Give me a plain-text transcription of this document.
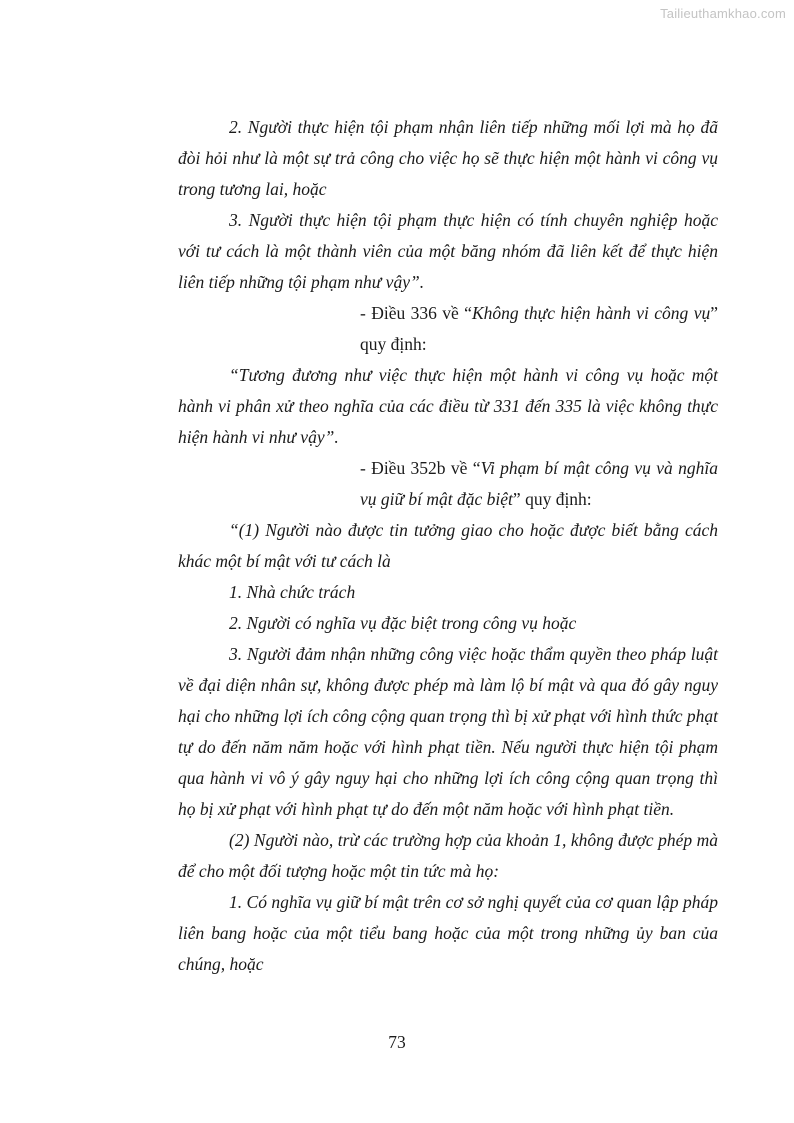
Tailieuthamkhao.com

2. Người thực hiện tội phạm nhận liên tiếp những mối lợi mà họ đã đòi hỏi như là một sự trả công cho việc họ sẽ thực hiện một hành vi công vụ trong tương lai, hoặc

3. Người thực hiện tội phạm thực hiện có tính chuyên nghiệp hoặc với tư cách là một thành viên của một băng nhóm đã liên kết để thực hiện liên tiếp những tội phạm như vậy”.

- Điều 336 về “Không thực hiện hành vi công vụ” quy định:

“Tương đương như việc thực hiện một hành vi công vụ hoặc một hành vi phân xử theo nghĩa của các điều từ 331 đến 335 là việc không thực hiện hành vi như vậy”.

- Điều 352b về “Vi phạm bí mật công vụ và nghĩa vụ giữ bí mật đặc biệt” quy định:

“(1) Người nào được tin tưởng giao cho hoặc được biết bằng cách khác một bí mật với tư cách là

1. Nhà chức trách

2. Người có nghĩa vụ đặc biệt trong công vụ hoặc

3. Người đảm nhận những công việc hoặc thẩm quyền theo pháp luật về đại diện nhân sự, không được phép mà làm lộ bí mật và qua đó gây nguy hại cho những lợi ích công cộng quan trọng thì bị xử phạt với hình thức phạt tự do đến năm năm hoặc với hình phạt tiền. Nếu người thực hiện tội phạm qua hành vi vô ý gây nguy hại cho những lợi ích công cộng quan trọng thì họ bị xử phạt với hình phạt tự do đến một năm hoặc với hình phạt tiền.

(2) Người nào, trừ các trường hợp của khoản 1, không được phép mà để cho một đối tượng hoặc một tin tức mà họ:

1. Có nghĩa vụ giữ bí mật trên cơ sở nghị quyết của cơ quan lập pháp liên bang hoặc của một tiểu bang hoặc của một trong những ủy ban của chúng, hoặc

73
